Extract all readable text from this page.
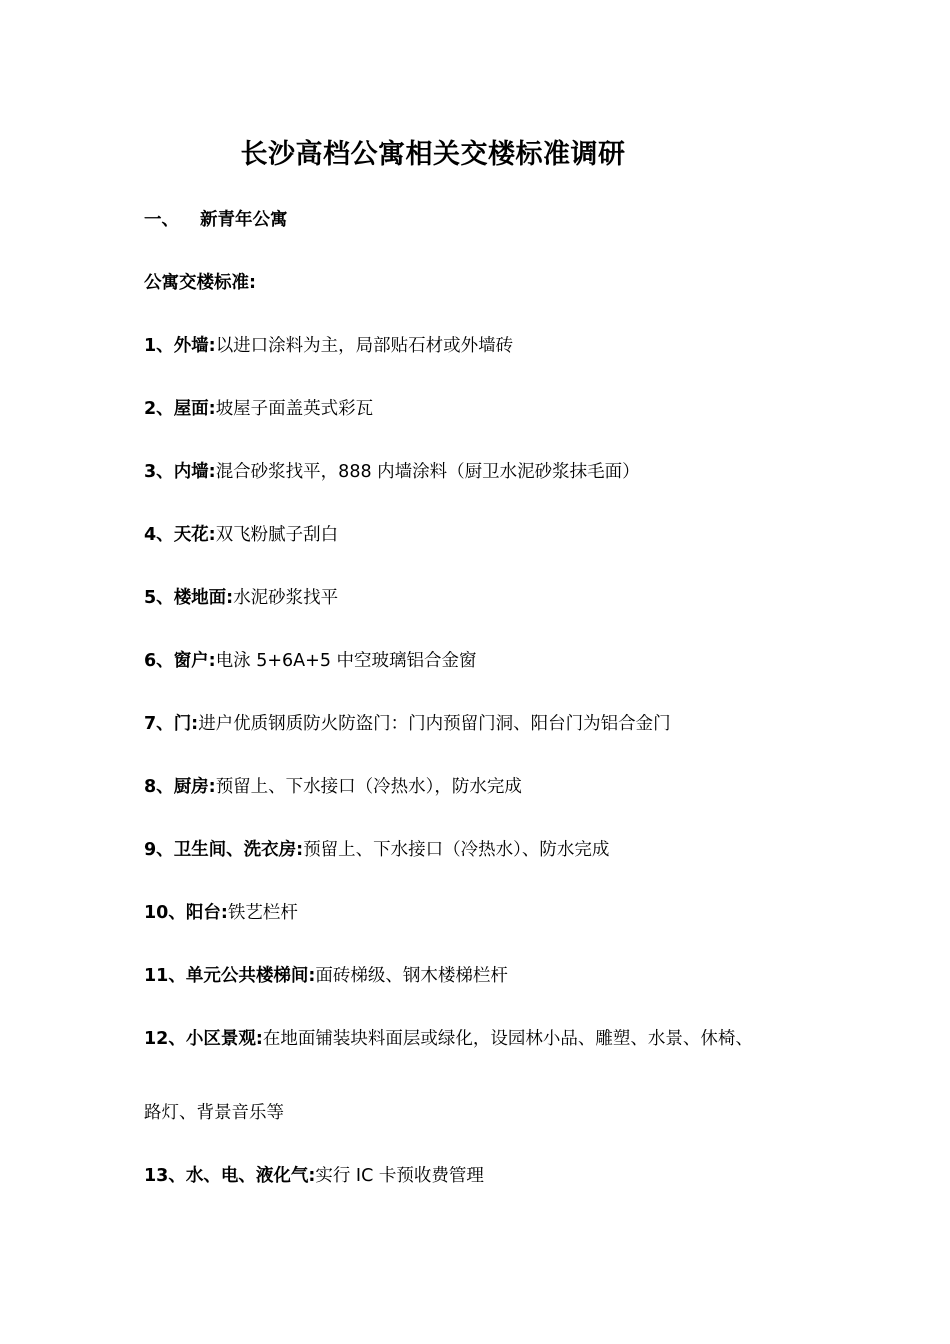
长沙高档公寓相关交楼标准调研
一、 新青年公寓
公寓交楼标准:
1、外墙:以进口涂料为主，局部贴石材或外墙砖
2、屋面:坡屋子面盖英式彩瓦
3、内墙:混合砂浆找平，888 内墙涂料（厨卫水泥砂浆抹毛面）
4、天花:双飞粉腻子刮白
5、楼地面:水泥砂浆找平
6、窗户:电泳 5+6A+5 中空玻璃铝合金窗
7、门:进户优质钢质防火防盗门：门内预留门洞、阳台门为铝合金门
8、厨房:预留上、下水接口（冷热水），防水完成
9、卫生间、洗衣房:预留上、下水接口（冷热水）、防水完成
10、阳台:铁艺栏杆
11、单元公共楼梯间:面砖梯级、钢木楼梯栏杆
12、小区景观:在地面铺装块料面层或绿化，设园林小品、雕塑、水景、休椅、
路灯、背景音乐等
13、水、电、液化气:实行 IC 卡预收费管理
